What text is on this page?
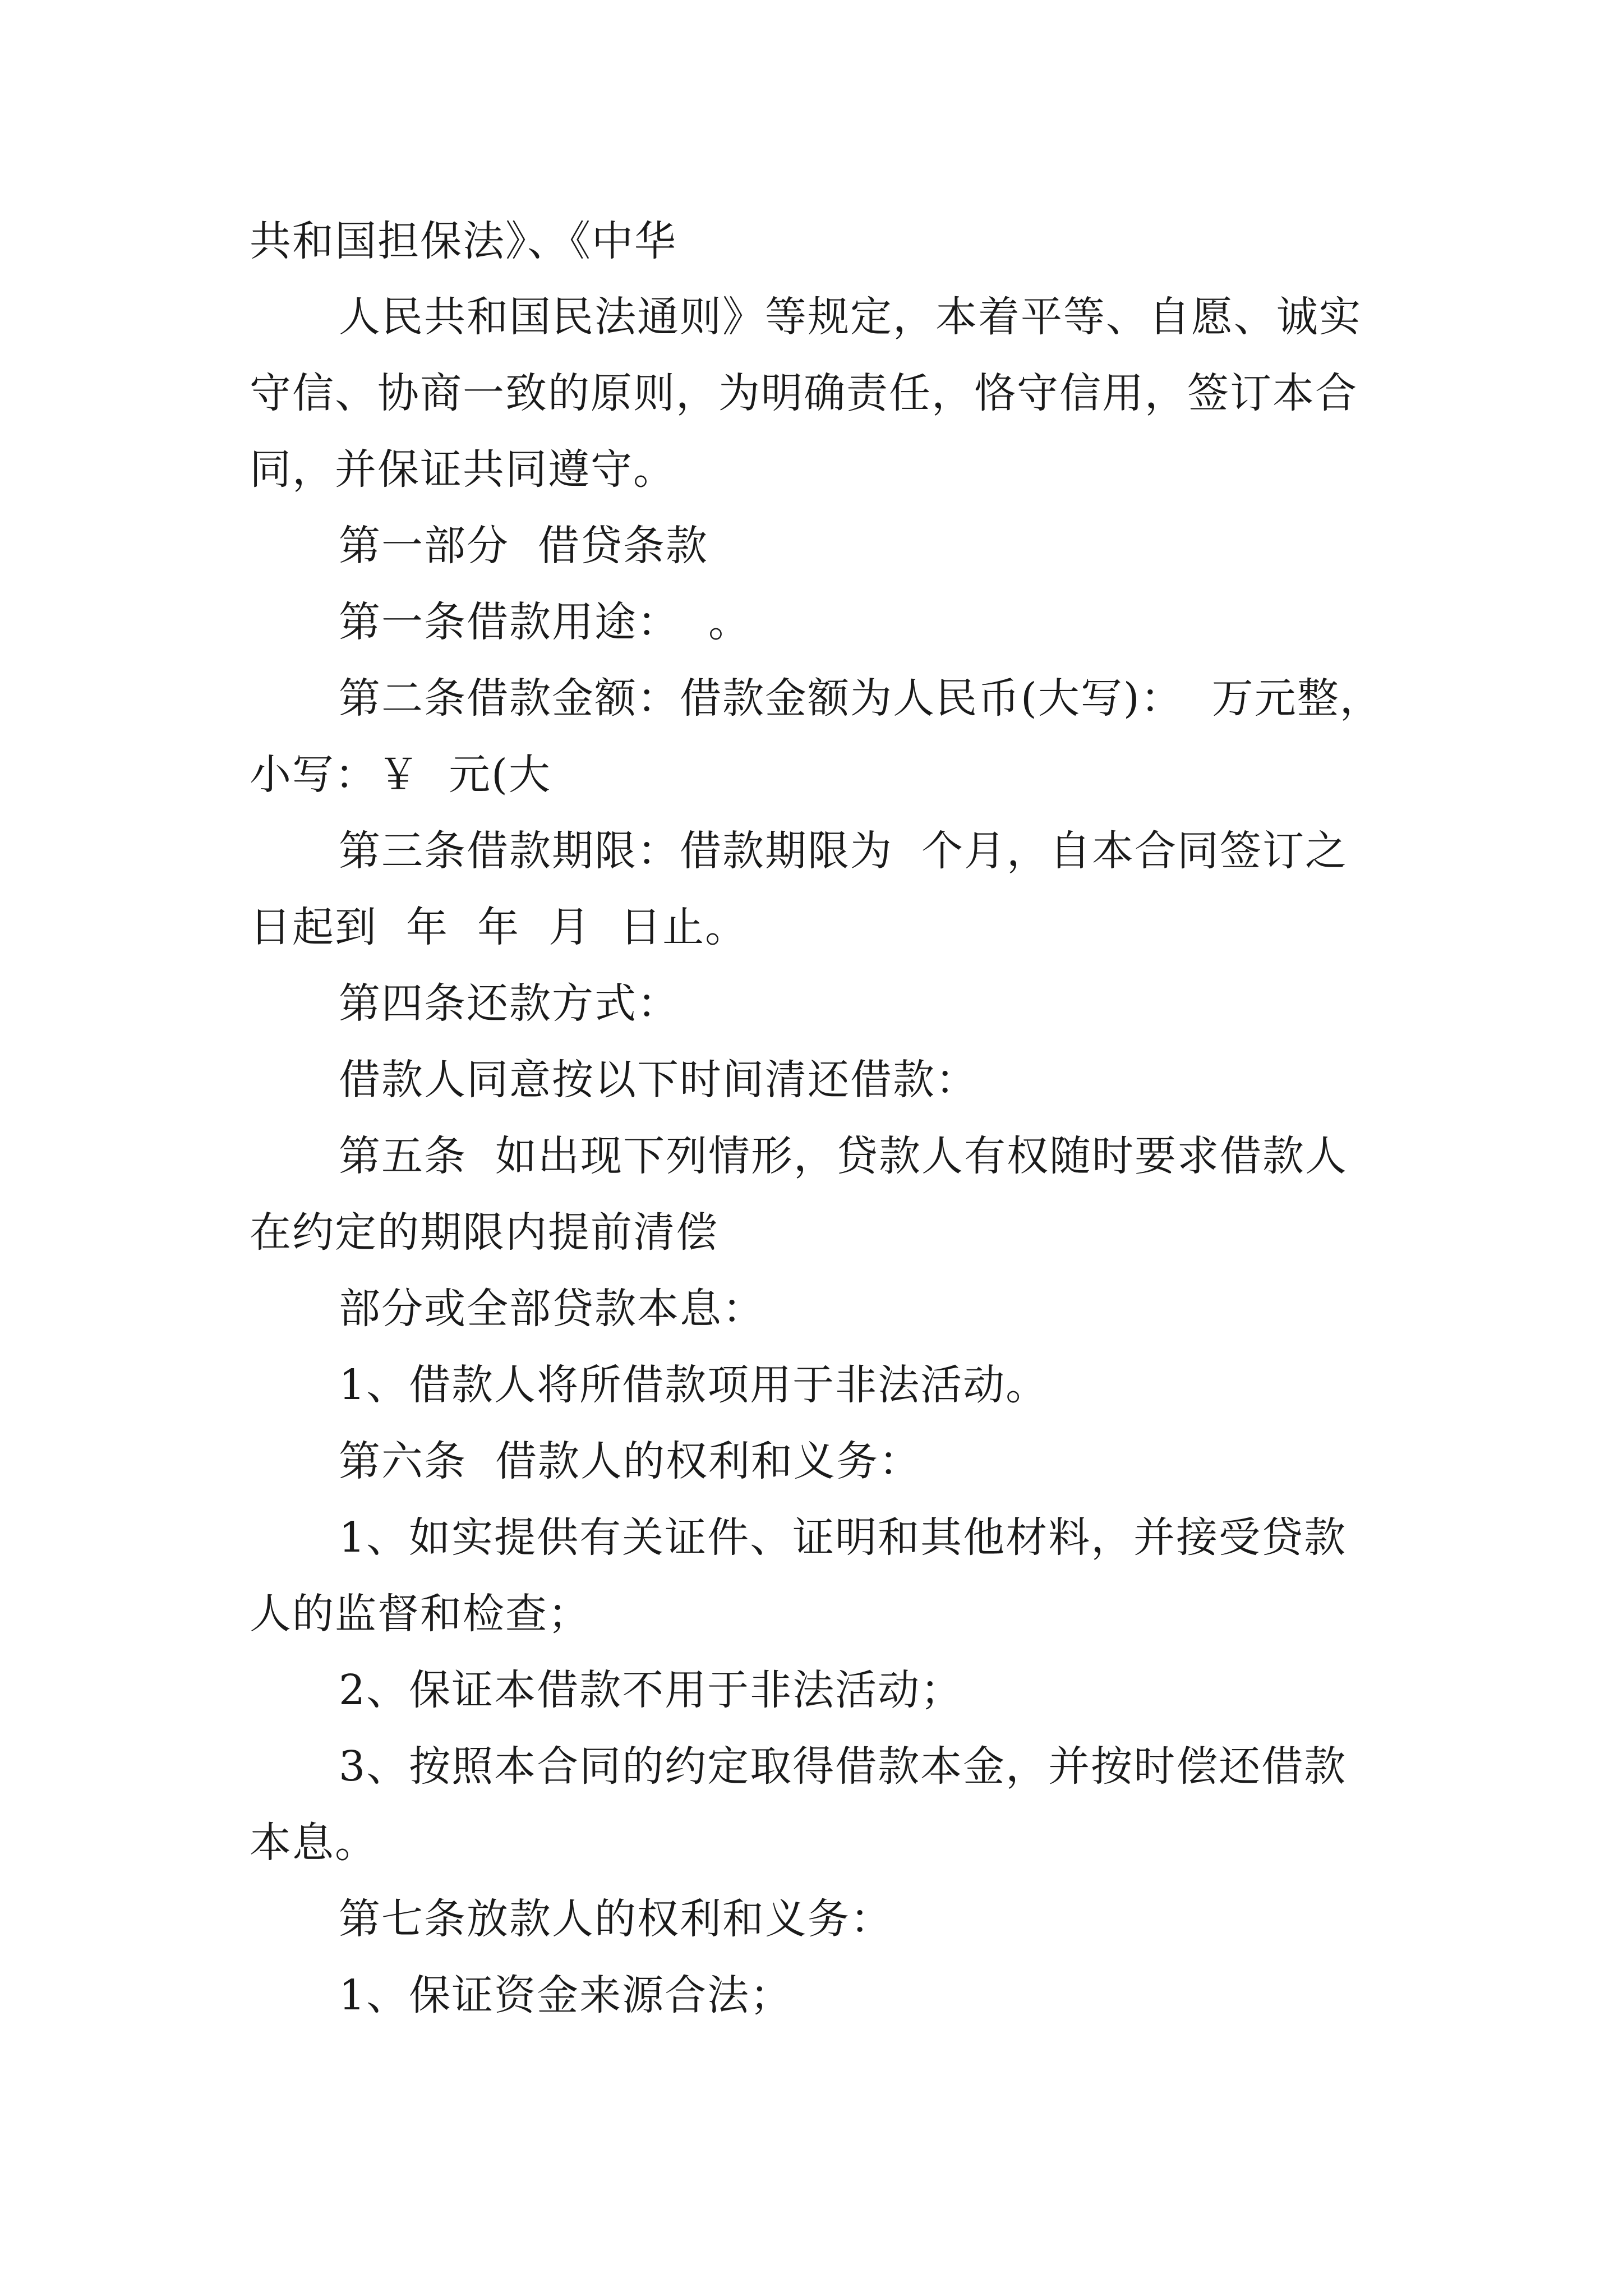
共和国担保法》、《中华
人民共和国民法通则》等规定，本着平等、自愿、诚实
守信、协商一致的原则，为明确责任，恪守信用，签订本合
同，并保证共同遵守。
第一部分  借贷条款
第一条借款用途：  。
第二条借款金额：借款金额为人民币(大写)：  万元整，
小写：￥  元(大
第三条借款期限：借款期限为  个月，自本合同签订之
日起到  年  年  月  日止。
第四条还款方式：
借款人同意按以下时间清还借款：
第五条  如出现下列情形，贷款人有权随时要求借款人
在约定的期限内提前清偿
部分或全部贷款本息：
1、借款人将所借款项用于非法活动。
第六条  借款人的权利和义务：
1、如实提供有关证件、证明和其他材料，并接受贷款
人的监督和检查；
2、保证本借款不用于非法活动；
3、按照本合同的约定取得借款本金，并按时偿还借款
本息。
第七条放款人的权利和义务：
1、保证资金来源合法；
